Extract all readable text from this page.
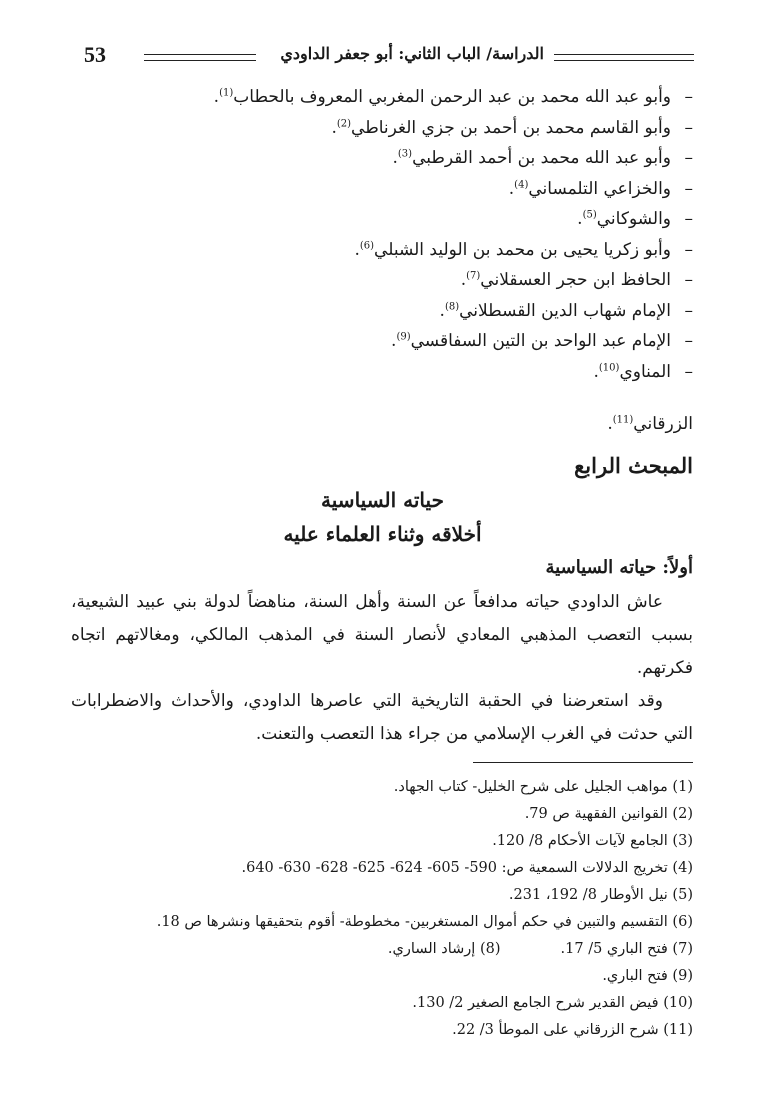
53	الدراسة/ الباب الثاني: أبو جعفر الداودي
–وأبو عبد الله محمد بن عبد الرحمن المغربي المعروف بالحطاب$^{(1)}$.
–وأبو القاسم محمد بن أحمد بن جزي الغرناطي$^{(2)}$.
–وأبو عبد الله محمد بن أحمد القرطبي$^{(3)}$.
–والخزاعي التلمساني$^{(4)}$.
–والشوكاني$^{(5)}$.
–وأبو زكريا يحيى بن محمد بن الوليد الشبلي$^{(6)}$.
–الحافظ ابن حجر العسقلاني$^{(7)}$.
–الإمام شهاب الدين القسطلاني$^{(8)}$.
–الإمام عبد الواحد بن التين السفاقسي$^{(9)}$.
–المناوي$^{(10)}$.
الزرقاني$^{(11)}$.
المبحث الرابع
حياته السياسية
أخلاقه وثناء العلماء عليه
أولاً: حياته السياسية

عاش الداودي حياته مدافعاً عن السنة وأهل السنة، مناهضاً لدولة بني عبيد الشيعية، بسبب التعصب المذهبي المعادي لأنصار السنة في المذهب المالكي، ومغالاتهم اتجاه فكرتهم.

وقد استعرضنا في الحقبة التاريخية التي عاصرها الداودي، والأحداث والاضطرابات التي حدثت في الغرب الإسلامي من جراء هذا التعصب والتعنت.

(1) مواهب الجليل على شرح الخليل- كتاب الجهاد.
(2) القوانين الفقهية ص 79.
(3) الجامع لآيات الأحكام 8/ 120.
(4) تخريج الدلالات السمعية ص: 590- 605- 624- 625- 628- 630- 640.
(5) نيل الأوطار 8/ 192، 231.
(6) التقسيم والتبين في حكم أموال المستغربين- مخطوطة- أقوم بتحقيقها ونشرها ص 18.
(7) فتح الباري 5/ 17.(8) إرشاد الساري.
(9) فتح الباري.
(10) فيض القدير شرح الجامع الصغير 2/ 130.
(11) شرح الزرقاني على الموطأ 3/ 22.
